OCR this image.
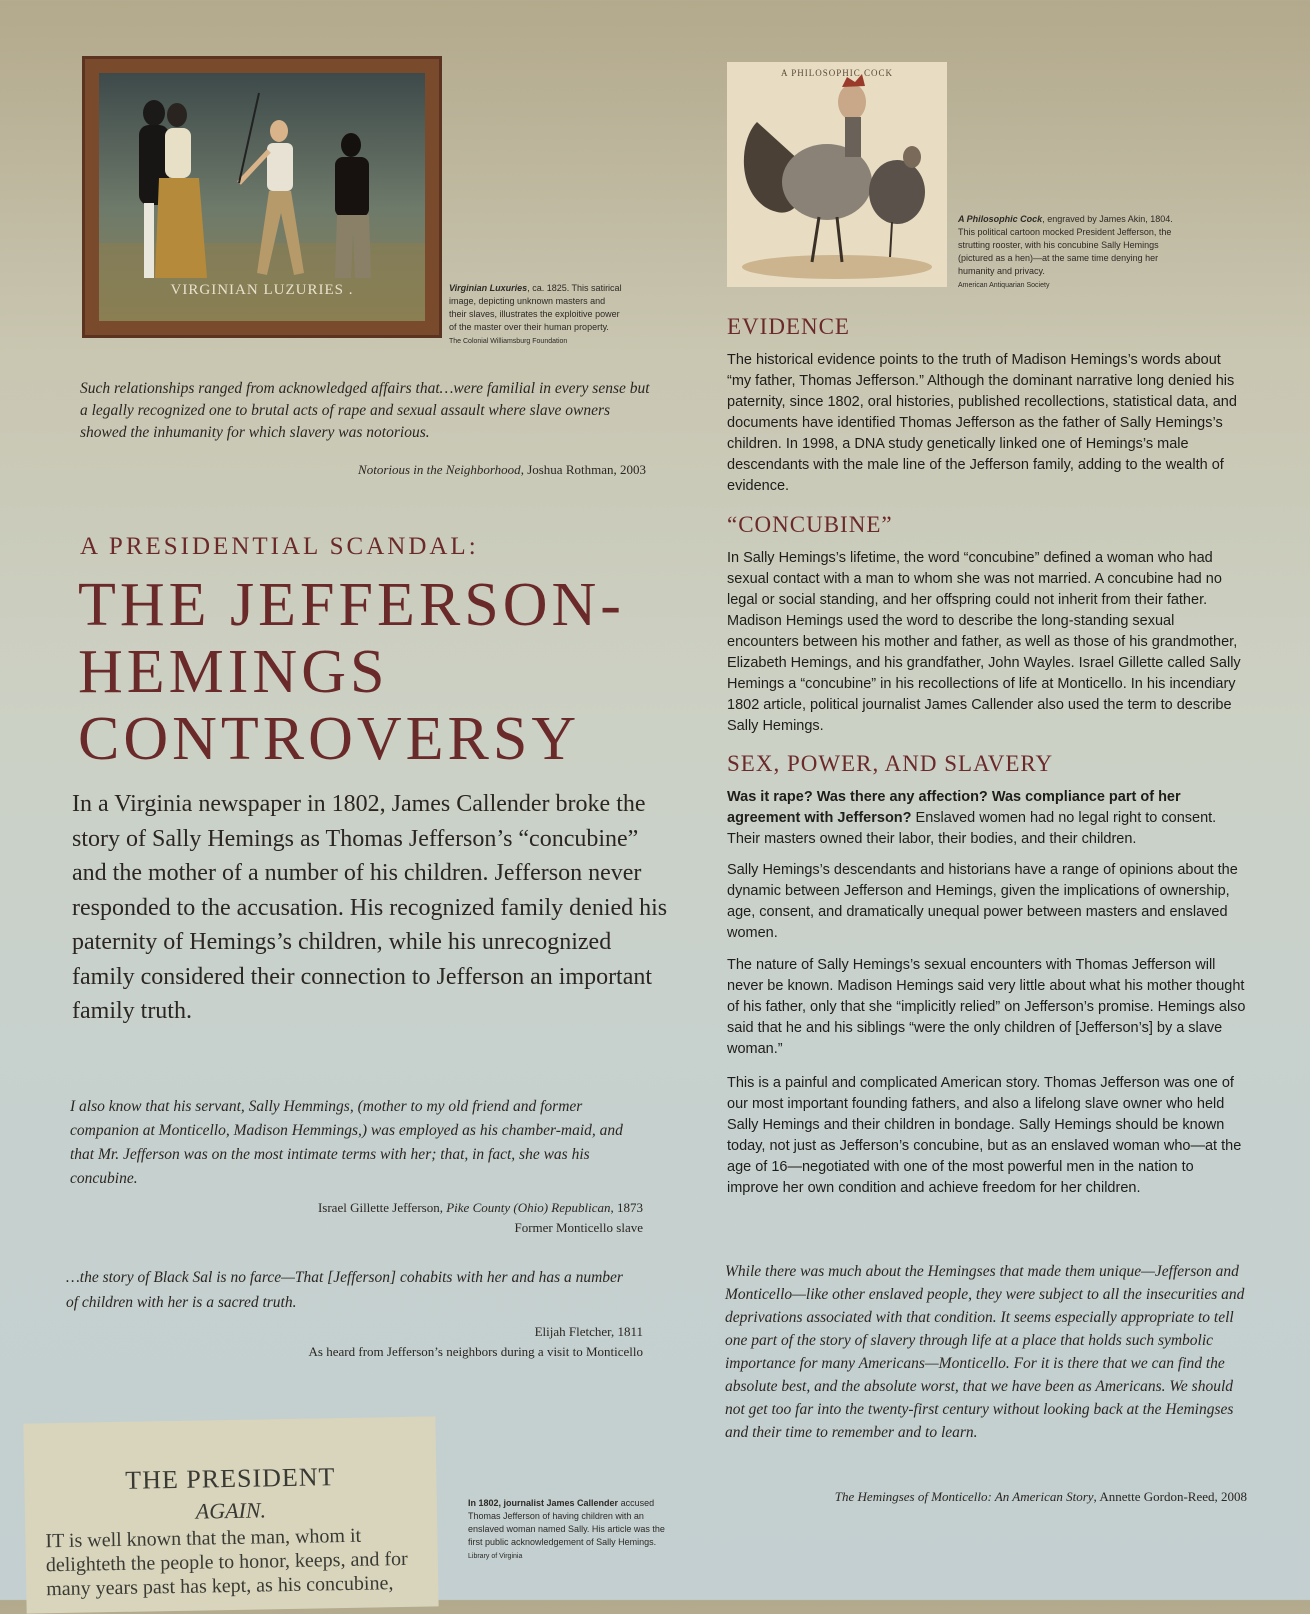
VIRGINIAN LUZURIES .	Virginian Luxuries, ca. 1825. This satirical image, depicting unknown masters and their slaves, illustrates the exploitive power of the master over their human property.
The Colonial Williamsburg Foundation
Such relationships ranged from acknowledged affairs that…were familial in every sense but a legally recognized one to brutal acts of rape and sexual assault where slave owners showed the inhumanity for which slavery was notorious.
Notorious in the Neighborhood, Joshua Rothman, 2003
A PRESIDENTIAL SCANDAL:
THE JEFFERSON-
HEMINGS
CONTROVERSY

In a Virginia newspaper in 1802, James Callender broke the story of Sally Hemings as Thomas Jefferson’s “concubine” and the mother of a number of his children. Jefferson never responded to the accusation. His recognized family denied his paternity of Hemings’s children, while his unrecognized family considered their connection to Jefferson an important family truth.

I also know that his servant, Sally Hemmings, (mother to my old friend and former companion at Monticello, Madison Hemmings,) was employed as his chamber-maid, and that Mr. Jefferson was on the most intimate terms with her; that, in fact, she was his concubine.
Israel Gillette Jefferson, Pike County (Ohio) Republican, 1873
Former Monticello slave
…the story of Black Sal is no farce—That [Jefferson] cohabits with her and has a number of children with her is a sacred truth.
Elijah Fletcher, 1811
As heard from Jefferson’s neighbors during a visit to Monticello
THE PRESIDENT
AGAIN.
IT is well known that the man, whom it delighteth the people to honor, keeps, and for many years past has kept, as his concubine,
In 1802, journalist James Callender accused Thomas Jefferson of having children with an enslaved woman named Sally. His article was the first public acknowledgement of Sally Hemings.
Library of Virginia
A PHILOSOPHIC COCK
A Philosophic Cock, engraved by James Akin, 1804. This political cartoon mocked President Jefferson, the strutting rooster, with his concubine Sally Hemings (pictured as a hen)—at the same time denying her humanity and privacy.
American Antiquarian Society
EVIDENCE

The historical evidence points to the truth of Madison Hemings’s words about “my father, Thomas Jefferson.” Although the dominant narrative long denied his paternity, since 1802, oral histories, published recollections, statistical data, and documents have identified Thomas Jefferson as the father of Sally Hemings’s children. In 1998, a DNA study genetically linked one of Hemings’s male descendants with the male line of the Jefferson family, adding to the wealth of evidence.

“CONCUBINE”

In Sally Hemings’s lifetime, the word “concubine” defined a woman who had sexual contact with a man to whom she was not married. A concubine had no legal or social standing, and her offspring could not inherit from their father. Madison Hemings used the word to describe the long-standing sexual encounters between his mother and father, as well as those of his grandmother, Elizabeth Hemings, and his grandfather, John Wayles. Israel Gillette called Sally Hemings a “concubine” in his recollections of life at Monticello. In his incendiary 1802 article, political journalist James Callender also used the term to describe Sally Hemings.

SEX, POWER, AND SLAVERY

Was it rape? Was there any affection? Was compliance part of her agreement with Jefferson? Enslaved women had no legal right to consent. Their masters owned their labor, their bodies, and their children.

Sally Hemings’s descendants and historians have a range of opinions about the dynamic between Jefferson and Hemings, given the implications of ownership, age, consent, and dramatically unequal power between masters and enslaved women.

The nature of Sally Hemings’s sexual encounters with Thomas Jefferson will never be known. Madison Hemings said very little about what his mother thought of his father, only that she “implicitly relied” on Jefferson’s promise. Hemings also said that he and his siblings “were the only children of [Jefferson’s] by a slave woman.”

This is a painful and complicated American story. Thomas Jefferson was one of our most important founding fathers, and also a lifelong slave owner who held Sally Hemings and their children in bondage. Sally Hemings should be known today, not just as Jefferson’s concubine, but as an enslaved woman who—at the age of 16—negotiated with one of the most powerful men in the nation to improve her own condition and achieve freedom for her children.

While there was much about the Hemingses that made them unique—Jefferson and Monticello—like other enslaved people, they were subject to all the insecurities and deprivations associated with that condition. It seems especially appropriate to tell one part of the story of slavery through life at a place that holds such symbolic importance for many Americans—Monticello. For it is there that we can find the absolute best, and the absolute worst, that we have been as Americans. We should not get too far into the twenty-first century without looking back at the Hemingses and their time to remember and to learn.
The Hemingses of Monticello: An American Story, Annette Gordon-Reed, 2008
